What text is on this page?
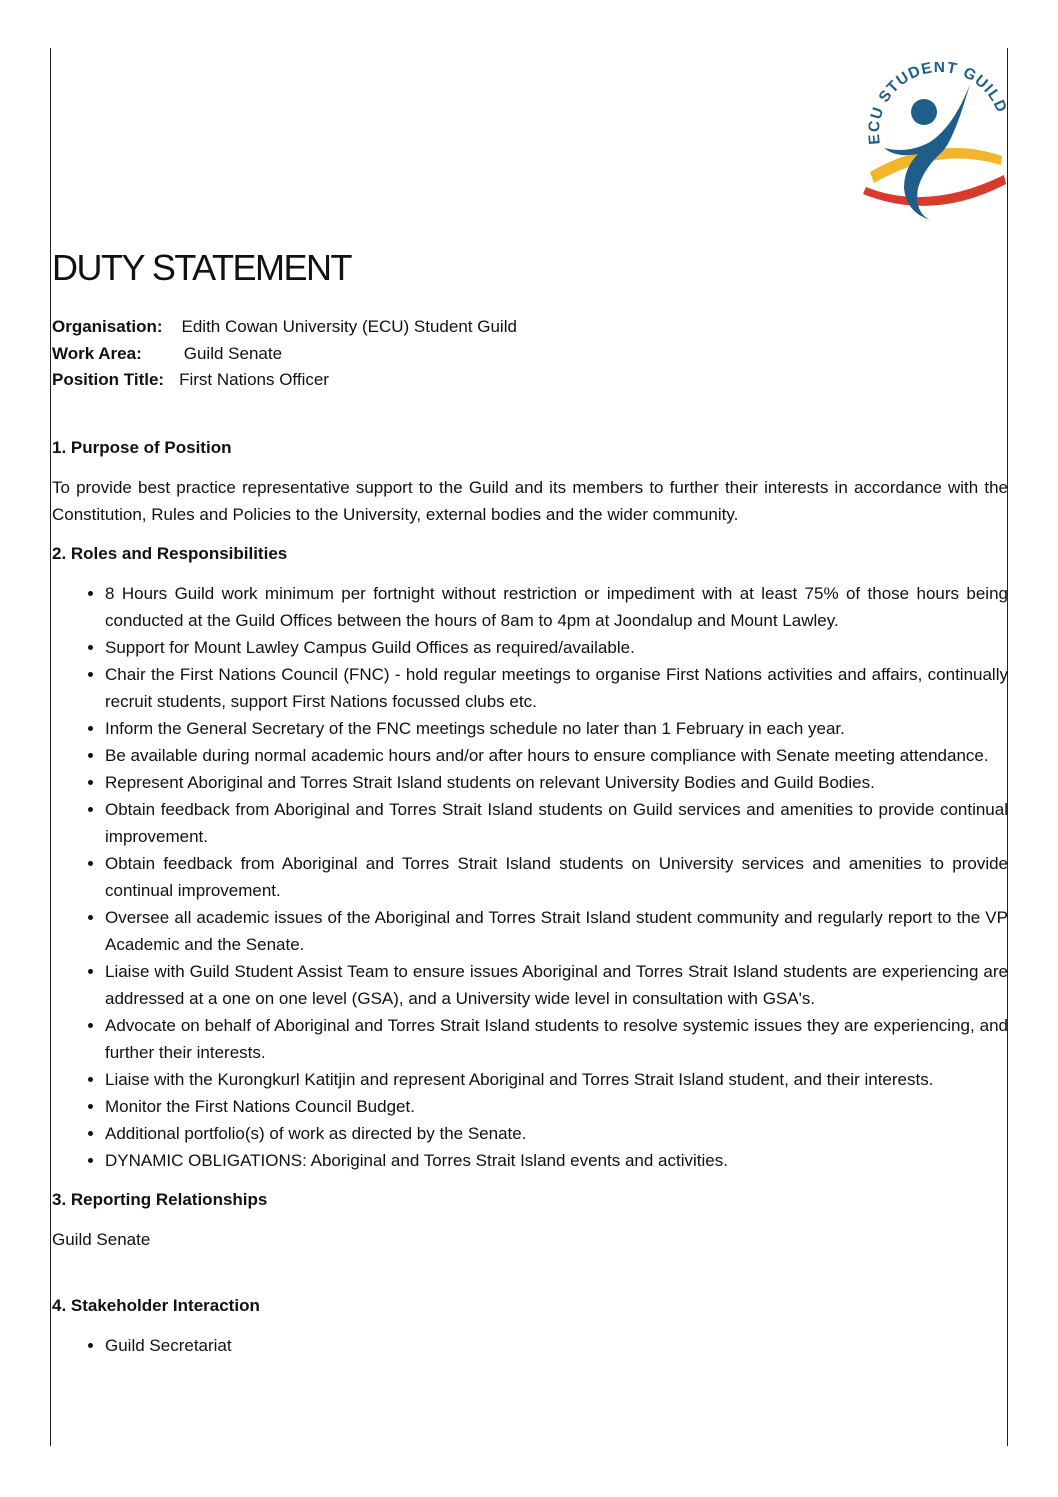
ECU STUDENT GUILD
DUTY STATEMENT
Organisation:	Edith Cowan University (ECU) Student Guild
Work Area:	Guild Senate
Position Title: First Nations Officer

1. Purpose of Position

To provide best practice representative support to the Guild and its members to further their interests in accordance with the Constitution, Rules and Policies to the University, external bodies and the wider community.

2. Roles and Responsibilities

• 8 Hours Guild work minimum per fortnight without restriction or impediment with at least 75% of those hours being conducted at the Guild Offices between the hours of 8am to 4pm at Joondalup and Mount Lawley.
• Support for Mount Lawley Campus Guild Offices as required/available.
• Chair the First Nations Council (FNC) - hold regular meetings to organise First Nations activities and affairs, continually recruit students, support First Nations focussed clubs etc.
• Inform the General Secretary of the FNC meetings schedule no later than 1 February in each year.
• Be available during normal academic hours and/or after hours to ensure compliance with Senate meeting attendance.
• Represent Aboriginal and Torres Strait Island students on relevant University Bodies and Guild Bodies.
• Obtain feedback from Aboriginal and Torres Strait Island students on Guild services and amenities to provide continual improvement.
• Obtain feedback from Aboriginal and Torres Strait Island students on University services and amenities to provide continual improvement.
• Oversee all academic issues of the Aboriginal and Torres Strait Island student community and regularly report to the VP Academic and the Senate.
• Liaise with Guild Student Assist Team to ensure issues Aboriginal and Torres Strait Island students are experiencing are addressed at a one on one level (GSA), and a University wide level in consultation with GSA's.
• Advocate on behalf of Aboriginal and Torres Strait Island students to resolve systemic issues they are experiencing, and further their interests.
• Liaise with the Kurongkurl Katitjin and represent Aboriginal and Torres Strait Island student, and their interests.
• Monitor the First Nations Council Budget.
• Additional portfolio(s) of work as directed by the Senate.
• DYNAMIC OBLIGATIONS: Aboriginal and Torres Strait Island events and activities.

3. Reporting Relationships

Guild Senate

4. Stakeholder Interaction

• Guild Secretariat
